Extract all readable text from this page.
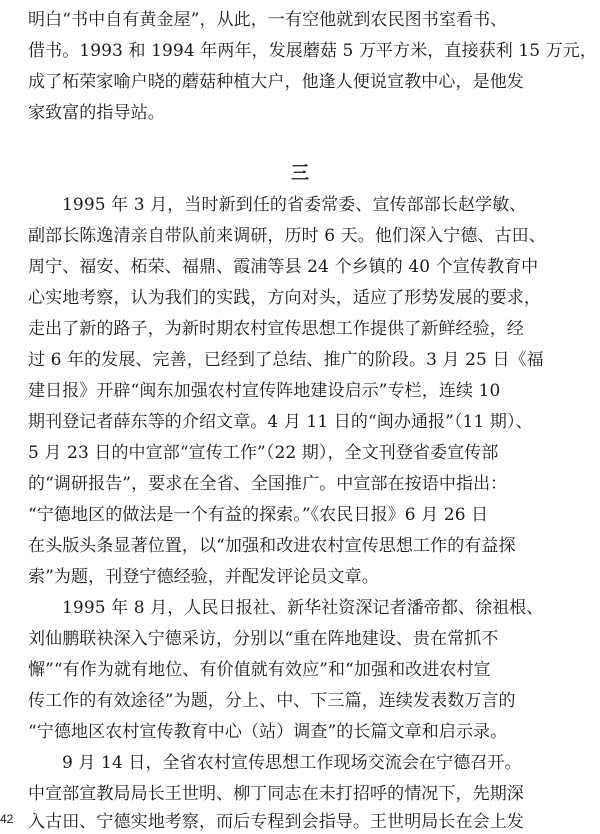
明白“书中自有黄金屋”，从此，一有空他就到农民图书室看书、
借书。1993 和 1994 年两年，发展蘑菇 5 万平方米，直接获利 15 万元，
成了柘荣家喻户晓的蘑菇种植大户，他逢人便说宣教中心，是他发
家致富的指导站。
三
1995 年 3 月，当时新到任的省委常委、宣传部部长赵学敏、
副部长陈逸清亲自带队前来调研，历时 6 天。他们深入宁德、古田、
周宁、福安、柘荣、福鼎、霞浦等县 24 个乡镇的 40 个宣传教育中
心实地考察，认为我们的实践，方向对头，适应了形势发展的要求，
走出了新的路子，为新时期农村宣传思想工作提供了新鲜经验，经
过 6 年的发展、完善，已经到了总结、推广的阶段。3 月 25 日《福
建日报》开辟“闽东加强农村宣传阵地建设启示”专栏，连续 10
期刊登记者薛东等的介绍文章。4 月 11 日的“闽办通报”（11 期）、
5 月 23 日的中宣部“宣传工作”（22 期），全文刊登省委宣传部
的“调研报告”，要求在全省、全国推广。中宣部在按语中指出：
“宁德地区的做法是一个有益的探索。”《农民日报》6 月 26 日
在头版头条显著位置，以“加强和改进农村宣传思想工作的有益探
索”为题，刊登宁德经验，并配发评论员文章。
1995 年 8 月，人民日报社、新华社资深记者潘帝都、徐祖根、
刘仙鹏联袂深入宁德采访，分别以“重在阵地建设、贵在常抓不
懈”“有作为就有地位、有价值就有效应”和“加强和改进农村宣
传工作的有效途径”为题，分上、中、下三篇，连续发表数万言的
“宁德地区农村宣传教育中心（站）调查”的长篇文章和启示录。
9 月 14 日，全省农村宣传思想工作现场交流会在宁德召开。
中宣部宣教局局长王世明、柳丁同志在未打招呼的情况下，先期深
入古田、宁德实地考察，而后专程到会指导。王世明局长在会上发
42
